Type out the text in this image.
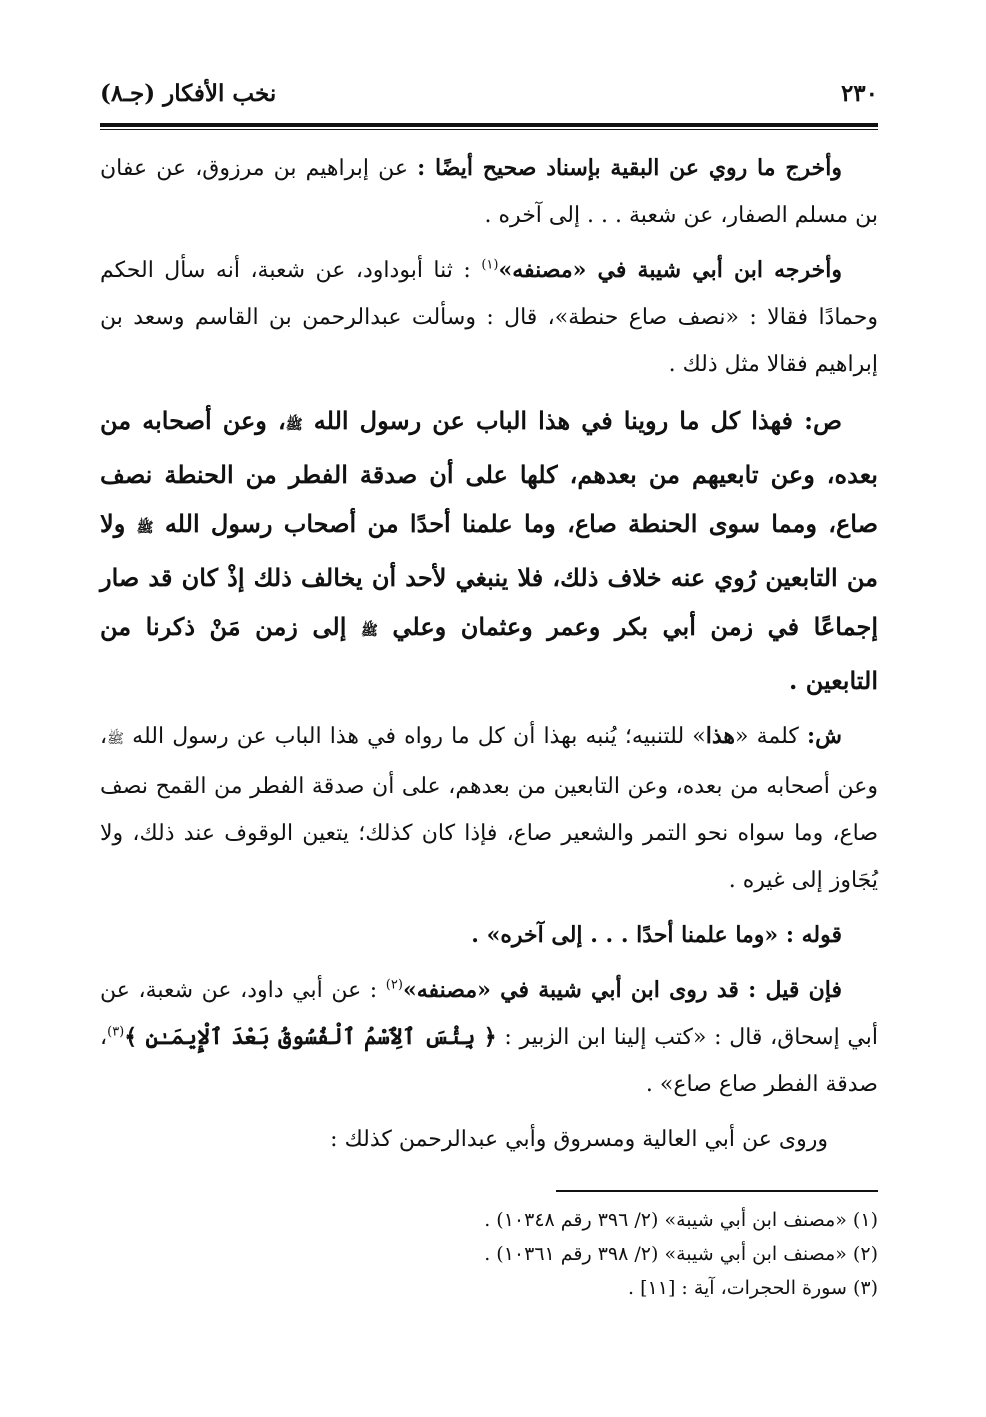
٢٣٠
نخب الأفكار (جـ٨)

وأخرج ما روي عن البقية بإسناد صحيح أيضًا : عن إبراهيم بن مرزوق، عن عفان بن مسلم الصفار، عن شعبة . . . إلى آخره .

وأخرجه ابن أبي شيبة في «مصنفه»$^{(١)}$ : ثنا أبوداود، عن شعبة، أنه سأل الحكم وحمادًا فقالا : «نصف صاع حنطة»، قال : وسألت عبدالرحمن بن القاسم وسعد بن إبراهيم فقالا مثل ذلك .

ص: فهذا كل ما روينا في هذا الباب عن رسول الله ﷺ، وعن أصحابه من بعده، وعن تابعيهم من بعدهم، كلها على أن صدقة الفطر من الحنطة نصف صاع، ومما سوى الحنطة صاع، وما علمنا أحدًا من أصحاب رسول الله ﷺ ولا من التابعين رُوي عنه خلاف ذلك، فلا ينبغي لأحد أن يخالف ذلك إذْ كان قد صار إجماعًا في زمن أبي بكر وعمر وعثمان وعلي ﷺ إلى زمن مَنْ ذكرنا من التابعين .

ش: كلمة «هذا» للتنبيه؛ يُنبه بهذا أن كل ما رواه في هذا الباب عن رسول الله ﷺ، وعن أصحابه من بعده، وعن التابعين من بعدهم، على أن صدقة الفطر من القمح نصف صاع، وما سواه نحو التمر والشعير صاع، فإذا كان كذلك؛ يتعين الوقوف عند ذلك، ولا يُجَاوز إلى غيره .

قوله : «وما علمنا أحدًا . . . إلى آخره» .

فإن قيل : قد روى ابن أبي شيبة في «مصنفه»$^{(٢)}$ : عن أبي داود، عن شعبة، عن أبي إسحاق، قال : «كتب إلينا ابن الزبير : ﴿ بِئْسَ ٱلِٱسْمُ ٱلْفُسُوقُ بَعْدَ ٱلْإِيمَـٰنِ ﴾$^{(٣)}$، صدقة الفطر صاع صاع» .

وروى عن أبي العالية ومسروق وأبي عبدالرحمن كذلك :

(١) «مصنف ابن أبي شيبة» (٢/ ٣٩٦ رقم ١٠٣٤٨) .
(٢) «مصنف ابن أبي شيبة» (٢/ ٣٩٨ رقم ١٠٣٦١) .
(٣) سورة الحجرات، آية : [١١] .
